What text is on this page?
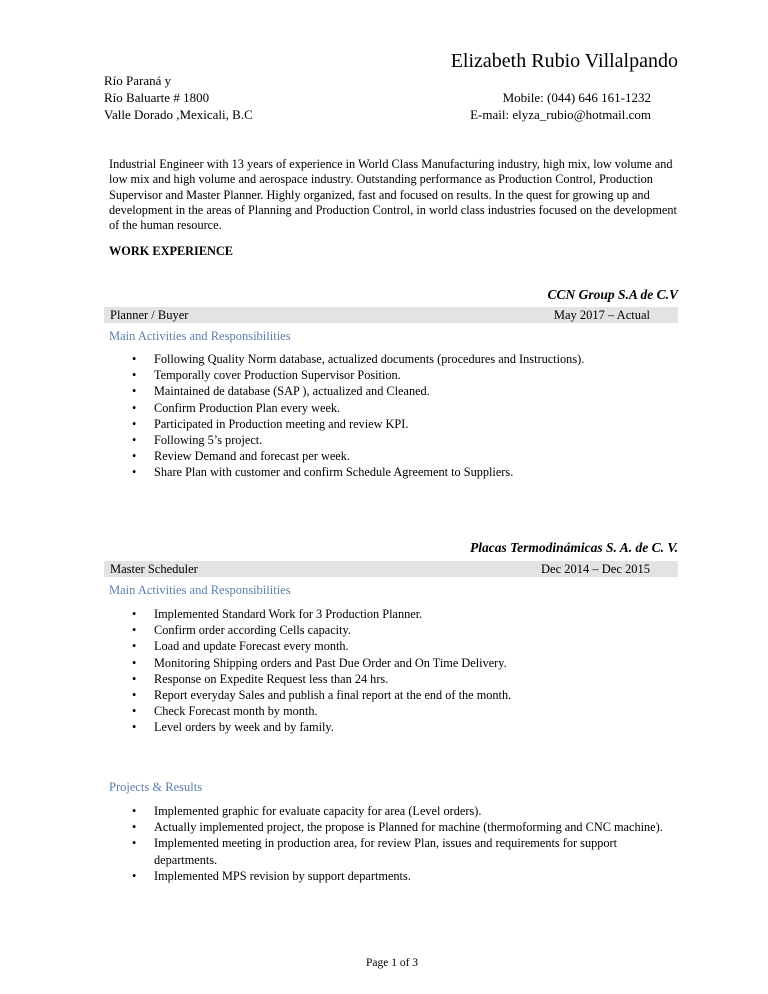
Elizabeth Rubio Villalpando
Río Paraná y
Río Baluarte # 1800
Valle Dorado ,Mexicali, B.C
Mobile: (044) 646 161-1232
E-mail: elyza_rubio@hotmail.com
Industrial Engineer with 13 years of experience in World Class Manufacturing industry, high mix, low volume and low mix and high volume and aerospace industry. Outstanding performance as Production Control, Production Supervisor and Master Planner. Highly organized, fast and focused on results. In the quest for growing up and development in the areas of Planning and Production Control, in world class industries focused on the development of the human resource.
WORK EXPERIENCE
CCN Group S.A de C.V
Planner / Buyer	May 2017 – Actual
Main Activities and Responsibilities
• Following Quality Norm database, actualized documents (procedures and Instructions).
• Temporally cover Production Supervisor Position.
• Maintained de database (SAP ), actualized and Cleaned.
• Confirm Production Plan every week.
• Participated in Production meeting and review KPI.
• Following 5’s project.
• Review Demand and forecast per week.
• Share Plan with customer and confirm Schedule Agreement to Suppliers.
Placas Termodinámicas S. A. de C. V.
Master Scheduler	Dec 2014 – Dec 2015
Main Activities and Responsibilities
• Implemented Standard Work for 3 Production Planner.
• Confirm order according Cells capacity.
• Load and update Forecast every month.
• Monitoring Shipping orders and Past Due Order and On Time Delivery.
• Response on Expedite Request less than 24 hrs.
• Report everyday Sales and publish a final report at the end of the month.
• Check Forecast month by month.
• Level orders by week and by family.
Projects & Results
• Implemented graphic for evaluate capacity for area (Level orders).
• Actually implemented project, the propose is Planned for machine (thermoforming and CNC machine).
• Implemented meeting in production area, for review Plan, issues and requirements for support departments.
• Implemented MPS revision by support departments.
Page 1 of 3
